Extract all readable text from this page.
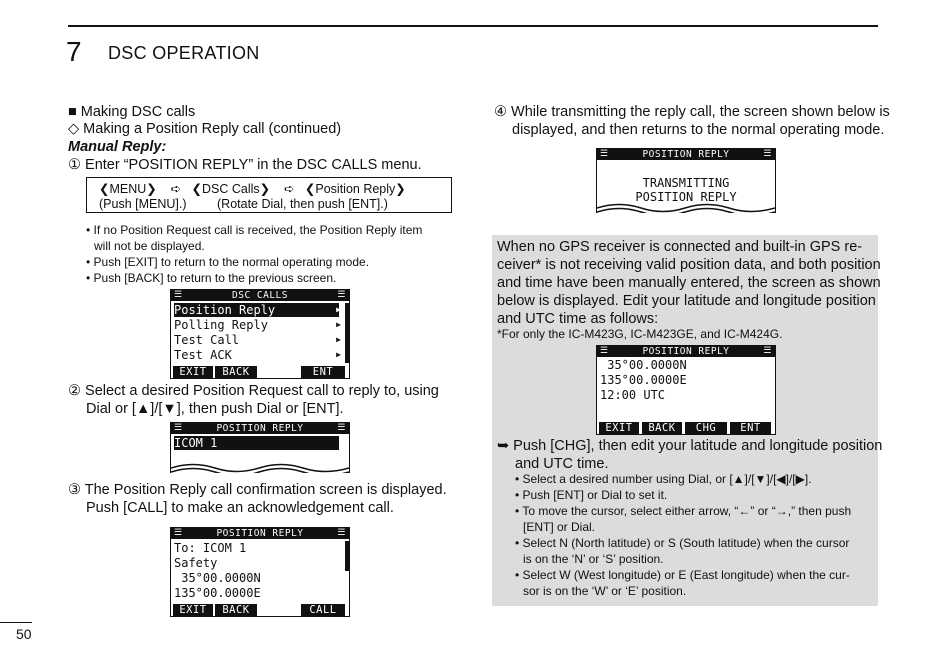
7 DSC OPERATION
■ Making DSC calls
◇ Making a Position Reply call (continued)
Manual Reply:
① Enter “POSITION REPLY” in the DSC CALLS menu.
❮MENU❯    ➪   ❮DSC Calls❯    ➪   ❮Position Reply❯
(Push [MENU].) (Rotate Dial, then push [ENT].)
• If no Position Request call is received, the Position Reply item
will not be displayed.
• Push [EXIT] to return to the normal operating mode.
• Push [BACK] to return to the previous screen.
☰	DSC CALLS	☰
Position Reply	▶
Polling Reply	▶
Test Call	▶
Test ACK	▶
EXIT	BACK	ENT
② Select a desired Position Request call to reply to, using
Dial or [▲]/[▼], then push Dial or [ENT].
☰	POSITION REPLY	☰
ICOM 1
③ The Position Reply call confirmation screen is displayed.
Push [CALL] to make an acknowledgement call.
☰	POSITION REPLY	☰
To: ICOM 1
Safety
35°00.0000N
135°00.0000E
EXIT	BACK	CALL
④ While transmitting the reply call, the screen shown below is
displayed, and then returns to the normal operating mode.
☰	POSITION REPLY	☰
TRANSMITTING
POSITION REPLY
When no GPS receiver is connected and built-in GPS re-
ceiver* is not receiving valid position data, and both position
and time have been manually entered, the screen as shown
below is displayed. Edit your latitude and longitude position
and UTC time as follows:
*For only the IC-M423G, IC-M423GE, and IC-M424G.
☰	POSITION REPLY	☰
35°00.0000N
135°00.0000E
12:00 UTC
EXIT	BACK	CHG	ENT
➥ Push [CHG], then edit your latitude and longitude position
and UTC time.
• Select a desired number using Dial, or [▲]/[▼]/[◀]/[▶].
• Push [ENT] or Dial to set it.
• To move the cursor, select either arrow, “←” or “→,” then push
[ENT] or Dial.
• Select N (North latitude) or S (South latitude) when the cursor
is on the ‘N’ or ‘S’ position.
• Select W (West longitude) or E (East longitude) when the cur-
sor is on the ‘W’ or ‘E’ position.
50
